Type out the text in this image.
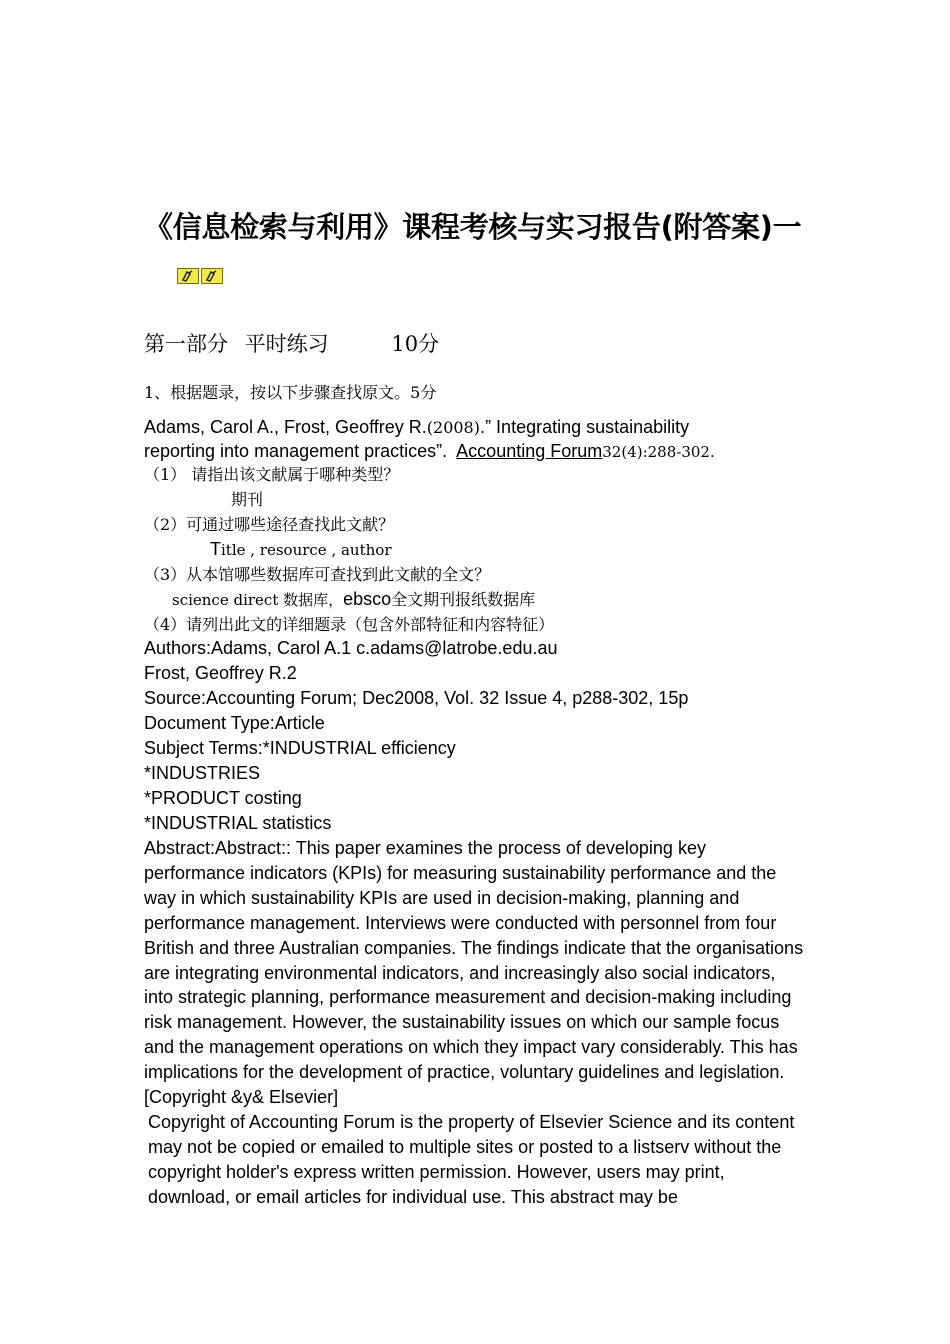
《信息检索与利用》课程考核与实习报告(附答案)一
第一部分 平时练习	10分
1、根据题录，按以下步骤查找原文。5分
Adams, Carol A., Frost, Geoffrey R.(2008).” Integrating sustainability
reporting into management practices”.  Accounting Forum32(4):288-302.
（1） 请指出该文献属于哪种类型？
期刊
（2）可通过哪些途径查找此文献？
Title , resource , author
（3）从本馆哪些数据库可查找到此文献的全文？
science direct 数据库，ebsco全文期刊报纸数据库
（4）请列出此文的详细题录（包含外部特征和内容特征）
Authors:Adams, Carol A.1 c.adams@latrobe.edu.au
Frost, Geoffrey R.2
Source:Accounting Forum; Dec2008, Vol. 32 Issue 4, p288-302, 15p
Document Type:Article
Subject Terms:*INDUSTRIAL efficiency
*INDUSTRIES
*PRODUCT costing
*INDUSTRIAL statistics
Abstract:Abstract:: This paper examines the process of developing key performance indicators (KPIs) for measuring sustainability performance and the way in which sustainability KPIs are used in decision-making, planning and performance management. Interviews were conducted with personnel from four British and three Australian companies. The findings indicate that the organisations are integrating environmental indicators, and increasingly also social indicators, into strategic planning, performance measurement and decision-making including risk management. However, the sustainability issues on which our sample focus and the management operations on which they impact vary considerably. This has implications for the development of practice, voluntary guidelines and legislation. [Copyright &y& Elsevier]
Copyright of Accounting Forum is the property of Elsevier Science and its content may not be copied or emailed to multiple sites or posted to a listserv without the copyright holder's express written permission. However, users may print, download, or email articles for individual use. This abstract may be
